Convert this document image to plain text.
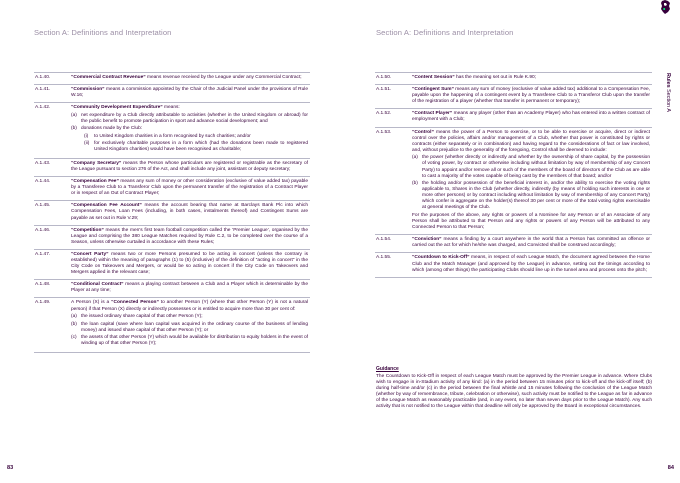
Section A: Definitions and Interpretation
A.1.40.	“Commercial Contract Revenue” means revenue received by the League under any Commercial Contract;
A.1.41.	“Commission” means a commission appointed by the Chair of the Judicial Panel under the provisions of Rule W.16;
A.1.42.	“Community Development Expenditure” means:
(a) net expenditure by a Club directly attributable to activities (whether in the United Kingdom or abroad) for the public benefit to promote participation in sport and advance social development; and
(b) donations made by the Club:
(i)	to United Kingdom charities in a form recognised by such charities; and/or
(ii) for exclusively charitable purposes in a form which (had the donations been made to registered United Kingdom charities) would have been recognised as charitable;
A.1.43.	“Company Secretary” means the Person whose particulars are registered or registrable as the secretary of the League pursuant to section 276 of the Act, and shall include any joint, assistant or deputy secretary;
A.1.44.	“Compensation Fee” means any sum of money or other consideration (exclusive of value added tax) payable by a Transferee Club to a Transferor Club upon the permanent transfer of the registration of a Contract Player or in respect of an Out of Contract Player;
A.1.45.	“Compensation Fee Account” means the account bearing that name at Barclays Bank Plc into which Compensation Fees, Loan Fees (including, in both cases, instalments thereof) and Contingent Sums are payable as set out in Rule V.29;
A.1.46.	“Competition” means the men’s first team football competition called the ‘Premier League’, organised by the League and comprising the 380 League Matches required by Rule C.2, to be completed over the course of a Season, unless otherwise curtailed in accordance with these Rules;
A.1.47.	“Concert Party” means two or more Persons presumed to be acting in concert (unless the contrary is established) within the meaning of paragraphs (1) to (5) (inclusive) of the definition of “acting in concert” in the City Code on Takeovers and Mergers, or would be so acting in concert if the City Code on Takeovers and Mergers applied in the relevant case;
A.1.48.	“Conditional Contract” means a playing contract between a Club and a Player which is determinable by the Player at any time;
A.1.49.	A Person (X) is a “Connected Person” to another Person (Y) (where that other Person (Y) is not a natural person) if that Person (X) directly or indirectly possesses or is entitled to acquire more than 30 per cent of:
(a) the issued ordinary share capital of that other Person (Y);
(b) the loan capital (save where loan capital was acquired in the ordinary course of the business of lending money) and issued share capital of that other Person (Y); or
(c) the assets of that other Person (Y) which would be available for distribution to equity holders in the event of winding up of that other Person (Y);
83
Section A: Definitions and Interpretation
Rules Section A
A.1.50.	“Content Session” has the meaning set out in Rule K.90;
A.1.51.	“Contingent Sum” means any sum of money (exclusive of value added tax) additional to a Compensation Fee, payable upon the happening of a contingent event by a Transferee Club to a Transferor Club upon the transfer of the registration of a player (whether that transfer is permanent or temporary);
A.1.52.	“Contract Player” means any player (other than an Academy Player) who has entered into a written contract of employment with a Club;
A.1.53.	“Control” means the power of a Person to exercise, or to be able to exercise or acquire, direct or indirect control over the policies, affairs and/or management of a Club, whether that power is constituted by rights or contracts (either separately or in combination) and having regard to the considerations of fact or law involved, and, without prejudice to the generality of the foregoing, Control shall be deemed to include:
(a) the power (whether directly or indirectly and whether by the ownership of share capital, by the possession of voting power, by contract or otherwise including without limitation by way of membership of any Concert Party) to appoint and/or remove all or such of the members of the board of directors of the Club as are able to cast a majority of the votes capable of being cast by the members of that board; and/or
(b) the holding and/or possession of the beneficial interest in, and/or the ability to exercise the voting rights applicable to, Shares in the Club (whether directly, indirectly (by means of holding such interests in one or more other persons) or by contract including without limitation by way of membership of any Concert Party) which confer in aggregate on the holder(s) thereof 30 per cent or more of the total voting rights exercisable at general meetings of the Club.
For the purposes of the above, any rights or powers of a Nominee for any Person or of an Associate of any Person shall be attributed to that Person and any rights or powers of any Person will be attributed to any Connected Person to that Person;
A.1.54.	“Conviction” means a finding by a court anywhere in the world that a Person has committed an offence or carried out the act for which he/she was charged, and Convicted shall be construed accordingly;
A.1.55.	“Countdown to Kick-Off” means, in respect of each League Match, the document agreed between the Home Club and the Match Manager (and approved by the League) in advance, setting out the timings according to which (among other things) the participating Clubs should line up in the tunnel area and process onto the pitch;
Guidance
The Countdown to Kick-Off in respect of each League Match must be approved by the Premier League in advance. Where Clubs wish to engage in in-Stadium activity of any kind: (a) in the period between 15 minutes prior to kick-off and the kick-off itself; (b) during half-time and/or (c) in the period between the final whistle and 15 minutes following the conclusion of the League Match (whether by way of remembrance, tribute, celebration or otherwise), such activity must be notified to the League as far in advance of the League Match as reasonably practicable (and, in any event, no later than seven days prior to the League Match). Any such activity that is not notified to the League within that deadline will only be approved by the Board in exceptional circumstances.
84
